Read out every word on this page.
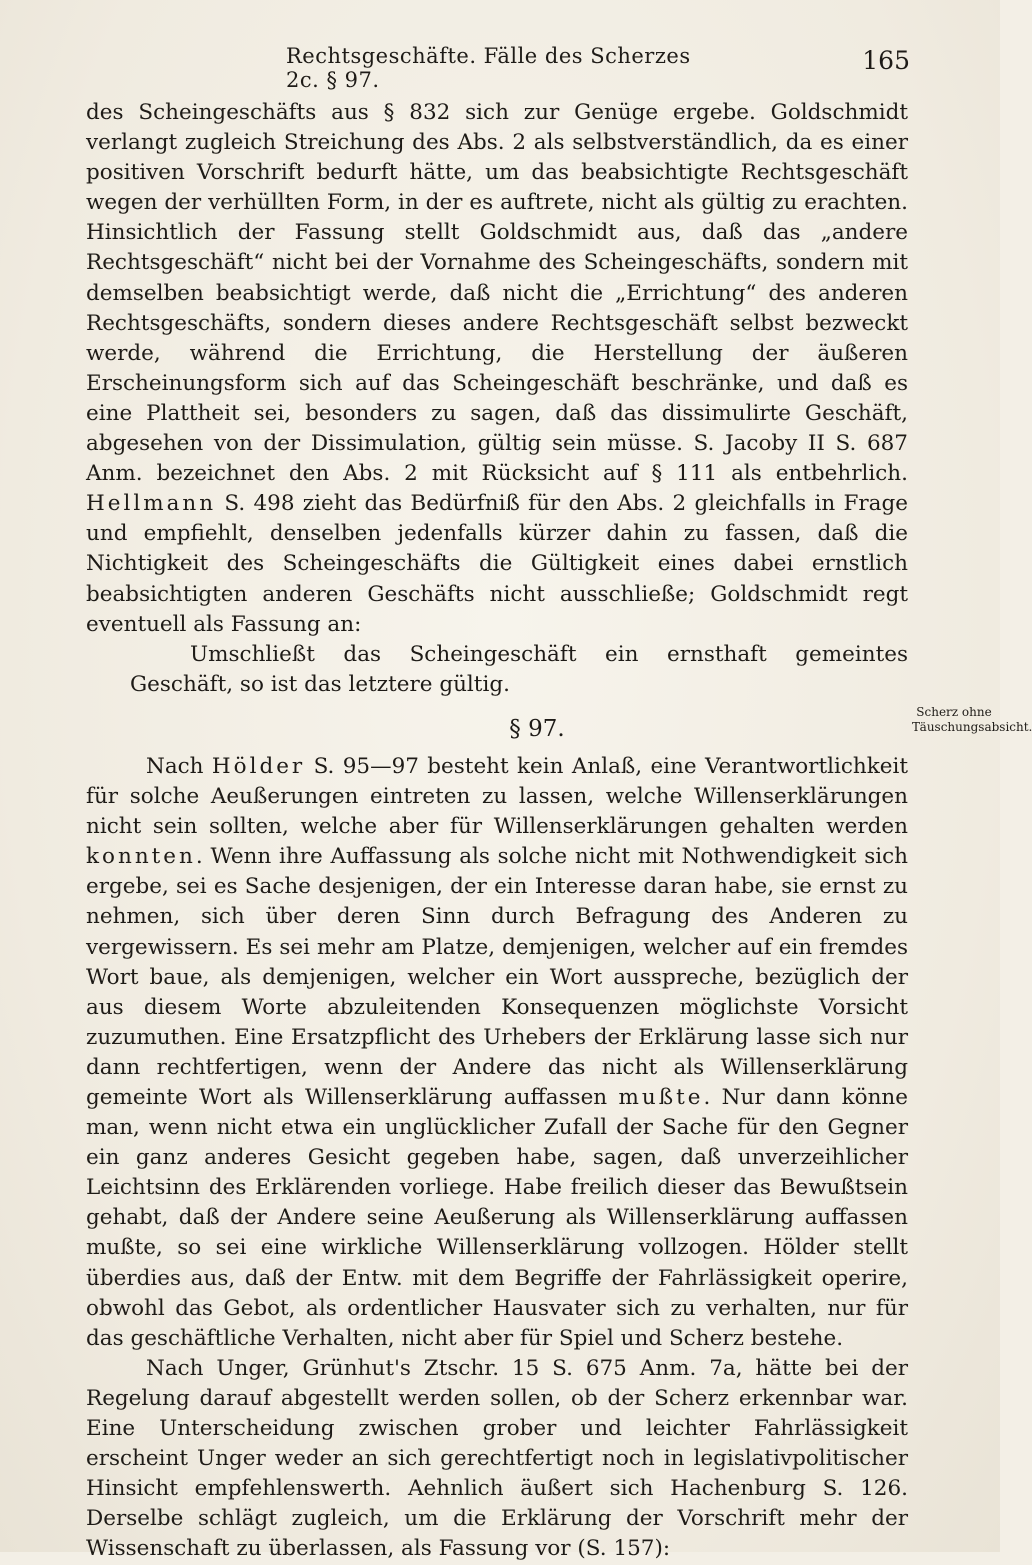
Rechtsgeschäfte. Fälle des Scherzes 2c. § 97.
165

des Scheingeschäfts aus § 832 sich zur Genüge ergebe. Goldschmidt verlangt zugleich Streichung des Abs. 2 als selbstverständlich, da es einer positiven Vorschrift bedurft hätte, um das beabsichtigte Rechtsgeschäft wegen der verhüllten Form, in der es auftrete, nicht als gültig zu erachten. Hinsichtlich der Fassung stellt Goldschmidt aus, daß das „andere Rechtsgeschäft“ nicht bei der Vornahme des Scheingeschäfts, sondern mit demselben beabsichtigt werde, daß nicht die „Errichtung“ des anderen Rechtsgeschäfts, sondern dieses andere Rechtsgeschäft selbst bezweckt werde, während die Errichtung, die Herstellung der äußeren Erscheinungsform sich auf das Scheingeschäft beschränke, und daß es eine Plattheit sei, besonders zu sagen, daß das dissimulirte Geschäft, abgesehen von der Dissimulation, gültig sein müsse. S. Jacoby II S. 687 Anm. bezeichnet den Abs. 2 mit Rücksicht auf § 111 als entbehrlich. Hellmann S. 498 zieht das Bedürfniß für den Abs. 2 gleichfalls in Frage und empfiehlt, denselben jedenfalls kürzer dahin zu fassen, daß die Nichtigkeit des Scheingeschäfts die Gültigkeit eines dabei ernstlich beabsichtigten anderen Geschäfts nicht ausschließe; Goldschmidt regt eventuell als Fassung an:

Umschließt das Scheingeschäft ein ernsthaft gemeintes Geschäft, so ist das letztere gültig.

§ 97.

Nach Hölder S. 95—97 besteht kein Anlaß, eine Verantwortlichkeit für solche Aeußerungen eintreten zu lassen, welche Willenserklärungen nicht sein sollten, welche aber für Willenserklärungen gehalten werden konnten. Wenn ihre Auffassung als solche nicht mit Nothwendigkeit sich ergebe, sei es Sache desjenigen, der ein Interesse daran habe, sie ernst zu nehmen, sich über deren Sinn durch Befragung des Anderen zu vergewissern. Es sei mehr am Platze, demjenigen, welcher auf ein fremdes Wort baue, als demjenigen, welcher ein Wort ausspreche, bezüglich der aus diesem Worte abzuleitenden Konsequenzen möglichste Vorsicht zuzumuthen. Eine Ersatzpflicht des Urhebers der Erklärung lasse sich nur dann rechtfertigen, wenn der Andere das nicht als Willenserklärung gemeinte Wort als Willenserklärung auffassen mußte. Nur dann könne man, wenn nicht etwa ein unglücklicher Zufall der Sache für den Gegner ein ganz anderes Gesicht gegeben habe, sagen, daß unverzeihlicher Leichtsinn des Erklärenden vorliege. Habe freilich dieser das Bewußtsein gehabt, daß der Andere seine Aeußerung als Willenserklärung auffassen mußte, so sei eine wirkliche Willenserklärung vollzogen. Hölder stellt überdies aus, daß der Entw. mit dem Begriffe der Fahrlässigkeit operire, obwohl das Gebot, als ordentlicher Hausvater sich zu verhalten, nur für das geschäftliche Verhalten, nicht aber für Spiel und Scherz bestehe.

Nach Unger, Grünhut's Ztschr. 15 S. 675 Anm. 7a, hätte bei der Regelung darauf abgestellt werden sollen, ob der Scherz erkennbar war. Eine Unterscheidung zwischen grober und leichter Fahrlässigkeit erscheint Unger weder an sich gerechtfertigt noch in legislativpolitischer Hinsicht empfehlenswerth. Aehnlich äußert sich Hachenburg S. 126. Derselbe schlägt zugleich, um die Erklärung der Vorschrift mehr der Wissenschaft zu überlassen, als Fassung vor (S. 157):

Scherz ohne Täuschungsabsicht.
